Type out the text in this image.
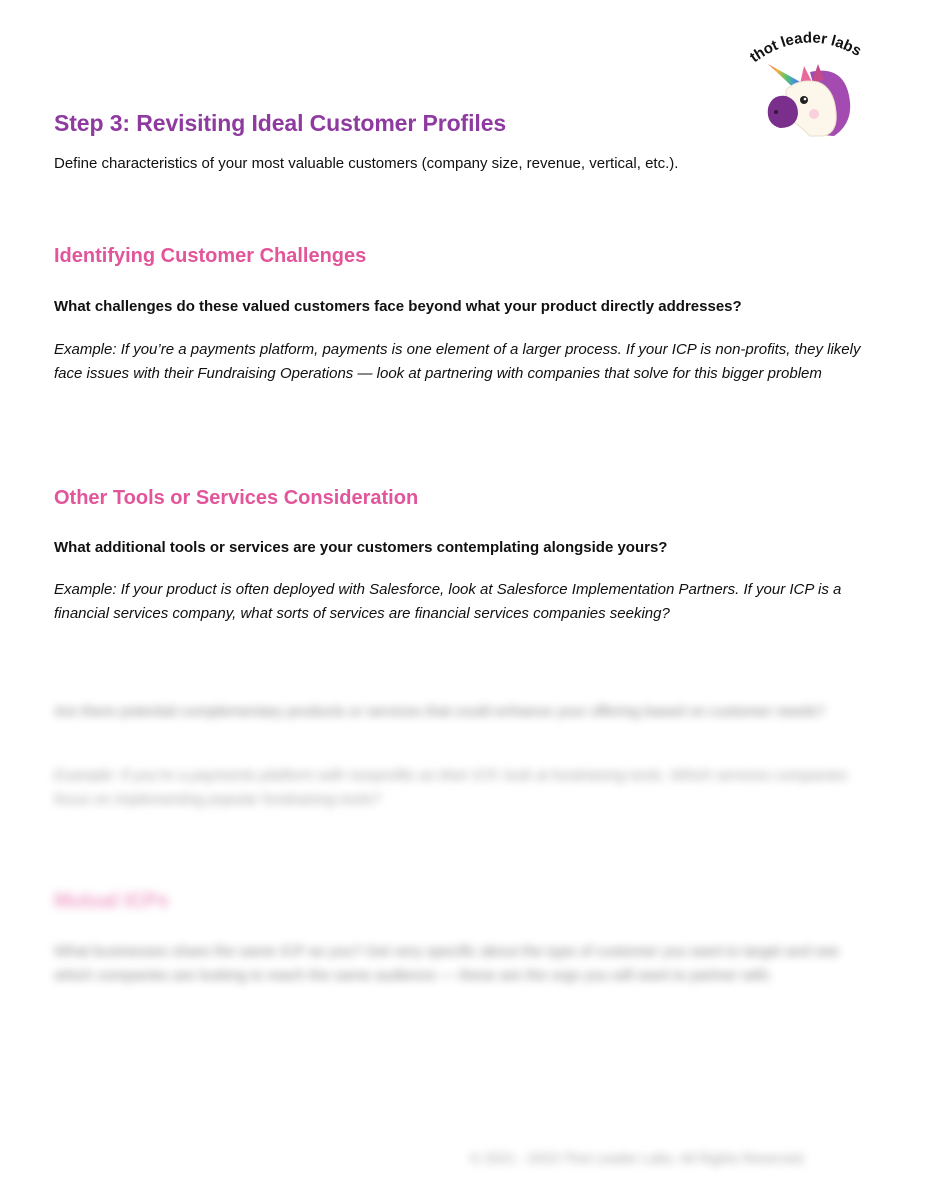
thot leader labs
Step 3: Revisiting Ideal Customer Profiles

Define characteristics of your most valuable customers (company size, revenue, vertical, etc.).

Identifying Customer Challenges

What challenges do these valued customers face beyond what your product directly addresses?

Example: If you’re a payments platform, payments is one element of a larger process. If your ICP is non-profits, they likely face issues with their Fundraising Operations — look at partnering with companies that solve for this bigger problem

Other Tools or Services Consideration

What additional tools or services are your customers contemplating alongside yours?

Example: If your product is often deployed with Salesforce, look at Salesforce Implementation Partners. If your ICP is a financial services company, what sorts of services are financial services companies seeking?

Are there potential complementary products or services that could enhance your offering based on customer needs?

Example: If you’re a payments platform with nonprofits as their ICP, look at fundraising tools. Which services companies focus on implementing popular fundraising tools?

Mutual ICPs

What businesses share the same ICP as you? Get very specific about the type of customer you want to target and see which companies are looking to reach the same audience — these are the orgs you will want to partner with.

© 2021 - 2023 Thot Leader Labs. All Rights Reserved.
